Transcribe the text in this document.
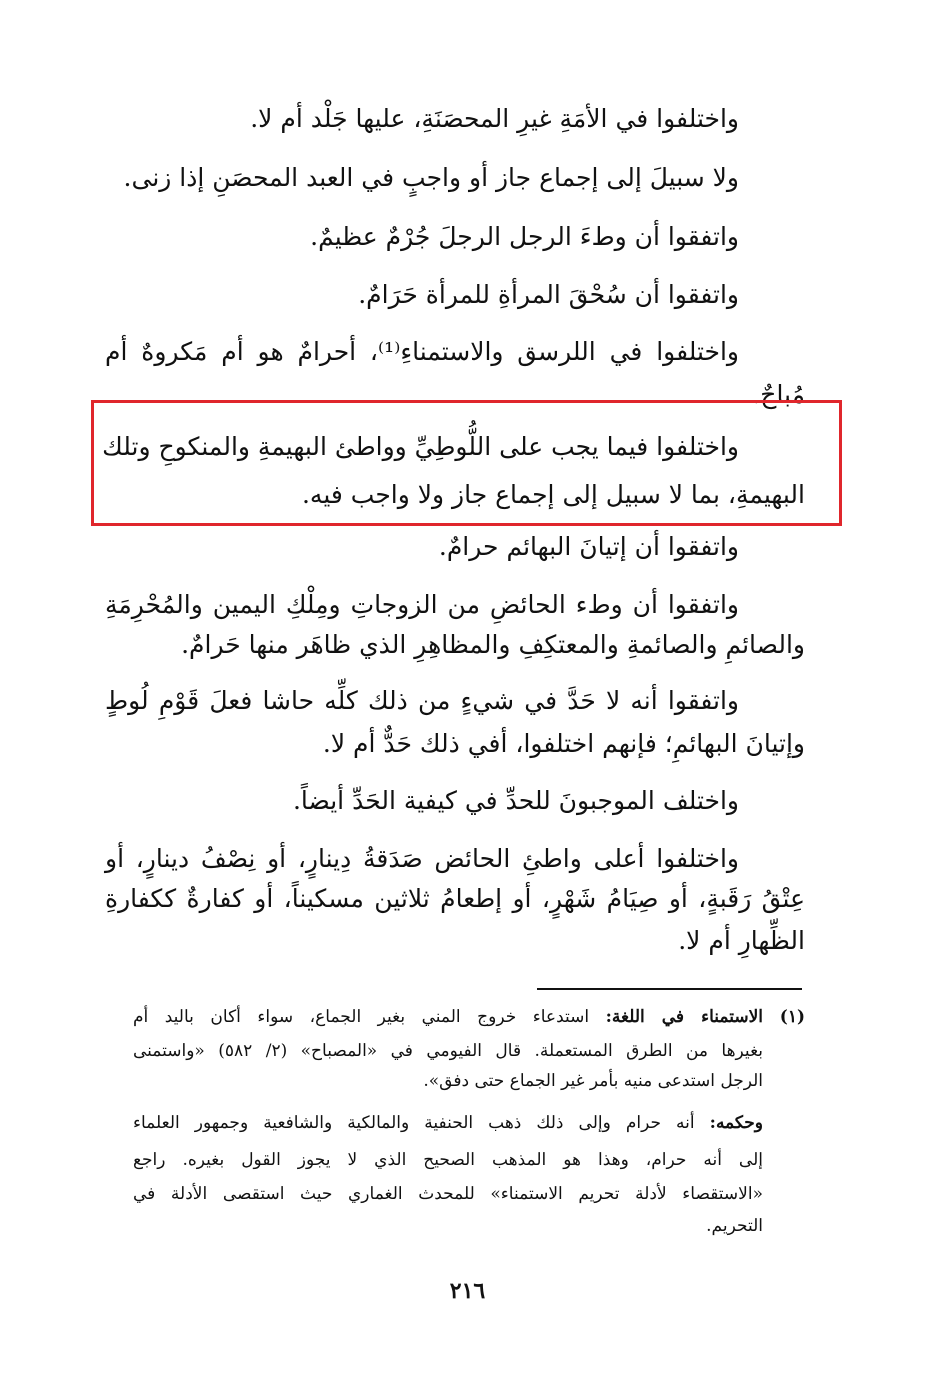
واختلفوا في الأمَةِ غيرِ المحصَنَةِ، عليها جَلْد أم لا.
ولا سبيلَ إلى إجماع جاز أو واجبٍ في العبد المحصَنِ إذا زنى.
واتفقوا أن وطءَ الرجل الرجلَ جُرْمٌ عظيمٌ.
واتفقوا أن سُحْقَ المرأةِ للمرأة حَرَامٌ.
واختلفوا في اللرسق والاستمناءِ⁽¹⁾، أحرامٌ هو أم مَكروهٌ أم
مُباحٌ.
واختلفوا فيما يجب على اللُّوطِيِّ وواطئ البهيمةِ والمنكوحِ وتلك
البهيمةِ، بما لا سبيل إلى إجماع جاز ولا واجب فيه.
واتفقوا أن إتيانَ البهائم حرامٌ.
واتفقوا أن وطء الحائضِ من الزوجاتِ ومِلْكِ اليمين والمُحْرِمَةِ
والصائمِ والصائمةِ والمعتكِفِ والمظاهِرِ الذي ظاهَر منها حَرامٌ.
واتفقوا أنه لا حَدَّ في شيءٍ من ذلك كلِّه حاشا فعلَ قَوْمِ لُوطٍ
وإتيانَ البهائمِ؛ فإنهم اختلفوا، أفي ذلك حَدٌّ أم لا.
واختلف الموجبونَ للحدِّ في كيفية الحَدِّ أيضاً.
واختلفوا أعلى واطئِ الحائض صَدَقةُ دِينارٍ، أو نِصْفُ دينارٍ، أو
عِتْقُ رَقَبةٍ، أو صِيَامُ شَهْرٍ، أو إطعامُ ثلاثين مسكيناً، أو كفارةٌ ككفارةِ
الظِّهارِ أم لا.
(١)
الاستمناء في اللغة: استدعاء خروج المني بغير الجماع، سواء أكان باليد أم
بغيرها من الطرق المستعملة. قال الفيومي في «المصباح» (٢/ ٥٨٢) «واستمنى
الرجل استدعى منيه بأمر غير الجماع حتى دفق».
وحكمه: أنه حرام وإلى ذلك ذهب الحنفية والمالكية والشافعية وجمهور العلماء
إلى أنه حرام، وهذا هو المذهب الصحيح الذي لا يجوز القول بغيره. راجع
«الاستقصاء لأدلة تحريم الاستمناء» للمحدث الغماري حيث استقصى الأدلة في
التحريم.
٢١٦
